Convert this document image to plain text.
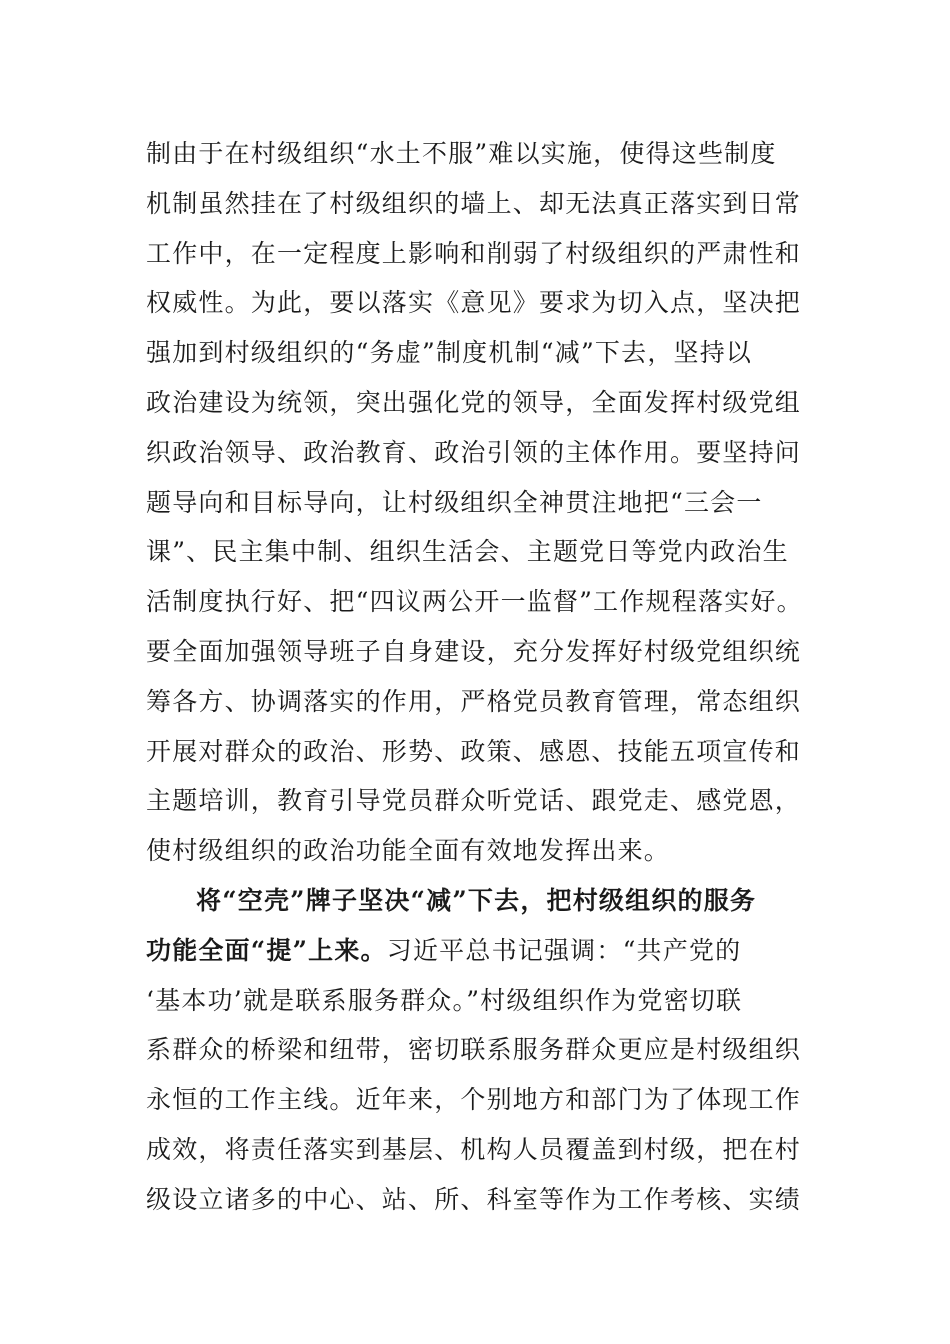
制由于在村级组织“水土不服”难以实施，使得这些制度
机制虽然挂在了村级组织的墙上、却无法真正落实到日常
工作中，在一定程度上影响和削弱了村级组织的严肃性和
权威性。为此，要以落实《意见》要求为切入点，坚决把
强加到村级组织的“务虚”制度机制“减”下去，坚持以
政治建设为统领，突出强化党的领导，全面发挥村级党组
织政治领导、政治教育、政治引领的主体作用。要坚持问
题导向和目标导向，让村级组织全神贯注地把“三会一
课”、民主集中制、组织生活会、主题党日等党内政治生
活制度执行好、把“四议两公开一监督”工作规程落实好。
要全面加强领导班子自身建设，充分发挥好村级党组织统
筹各方、协调落实的作用，严格党员教育管理，常态组织
开展对群众的政治、形势、政策、感恩、技能五项宣传和
主题培训，教育引导党员群众听党话、跟党走、感党恩，
使村级组织的政治功能全面有效地发挥出来。
将“空壳”牌子坚决“减”下去，把村级组织的服务
功能全面“提”上来。习近平总书记强调：“共产党的
‘基本功’就是联系服务群众。”村级组织作为党密切联
系群众的桥梁和纽带，密切联系服务群众更应是村级组织
永恒的工作主线。近年来，个别地方和部门为了体现工作
成效，将责任落实到基层、机构人员覆盖到村级，把在村
级设立诸多的中心、站、所、科室等作为工作考核、实绩
